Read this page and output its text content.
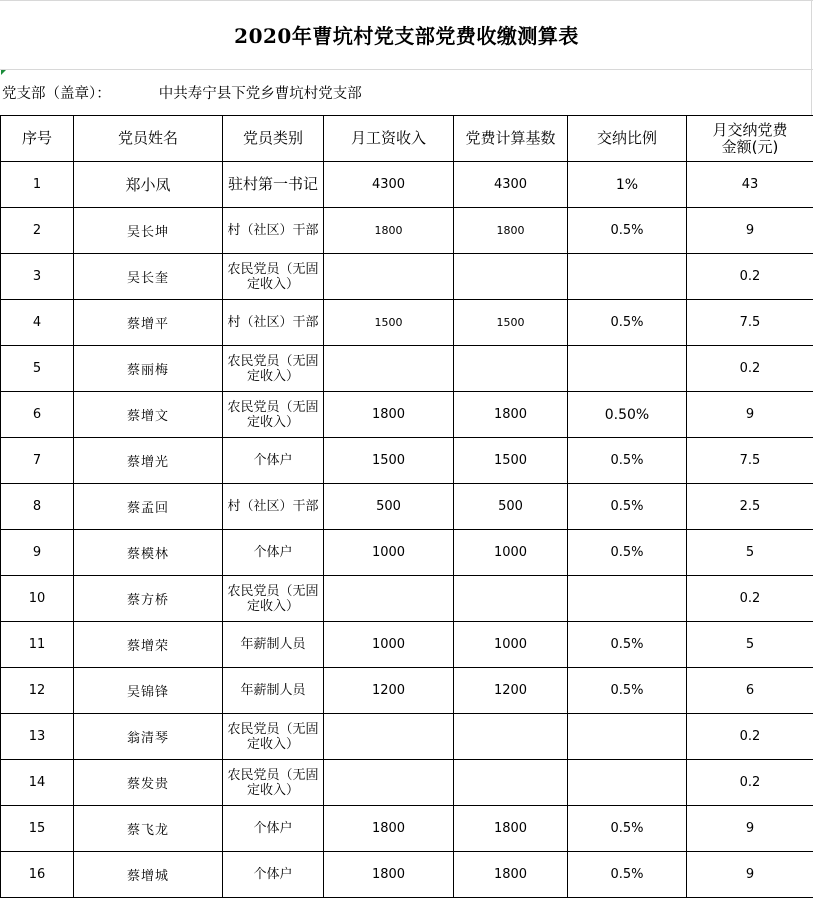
2020年曹坑村党支部党费收缴测算表
党支部（盖章）：	中共寿宁县下党乡曹坑村党支部
序号	党员姓名	党员类别	月工资收入	党费计算基数	交纳比例	月交纳党费
金额(元)
1	郑小凤	驻村第一书记	4300	4300	1%	43
2	吴长坤	村（社区）干部	1800	1800	0.5%	9
3	吴长奎	农民党员（无固定收入）				0.2
4	蔡增平	村（社区）干部	1500	1500	0.5%	7.5
5	蔡丽梅	农民党员（无固定收入）				0.2
6	蔡增文	农民党员（无固定收入）	1800	1800	0.50%	9
7	蔡增光	个体户	1500	1500	0.5%	7.5
8	蔡孟回	村（社区）干部	500	500	0.5%	2.5
9	蔡模林	个体户	1000	1000	0.5%	5
10	蔡方桥	农民党员（无固定收入）				0.2
11	蔡增荣	年薪制人员	1000	1000	0.5%	5
12	吴锦锋	年薪制人员	1200	1200	0.5%	6
13	翁清琴	农民党员（无固定收入）				0.2
14	蔡发贵	农民党员（无固定收入）				0.2
15	蔡飞龙	个体户	1800	1800	0.5%	9
16	蔡增城	个体户	1800	1800	0.5%	9
